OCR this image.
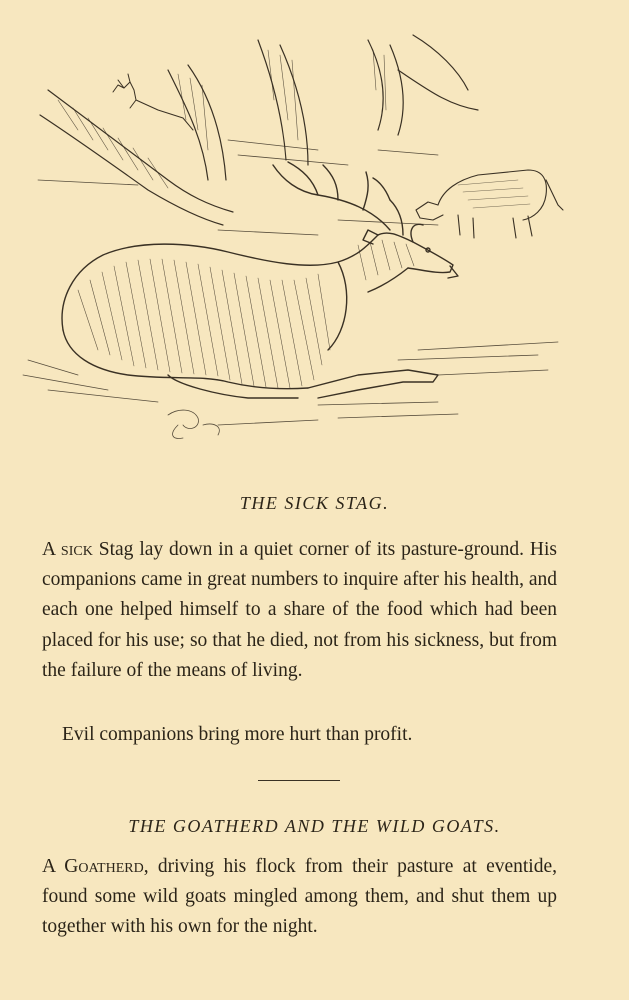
THE SICK STAG.

A sick Stag lay down in a quiet corner of its pasture-ground. His companions came in great numbers to inquire after his health, and each one helped himself to a share of the food which had been placed for his use; so that he died, not from his sickness, but from the failure of the means of living.

Evil companions bring more hurt than profit.

THE GOATHERD AND THE WILD GOATS.

A Goatherd, driving his flock from their pasture at eventide, found some wild goats mingled among them, and shut them up together with his own for the night.
